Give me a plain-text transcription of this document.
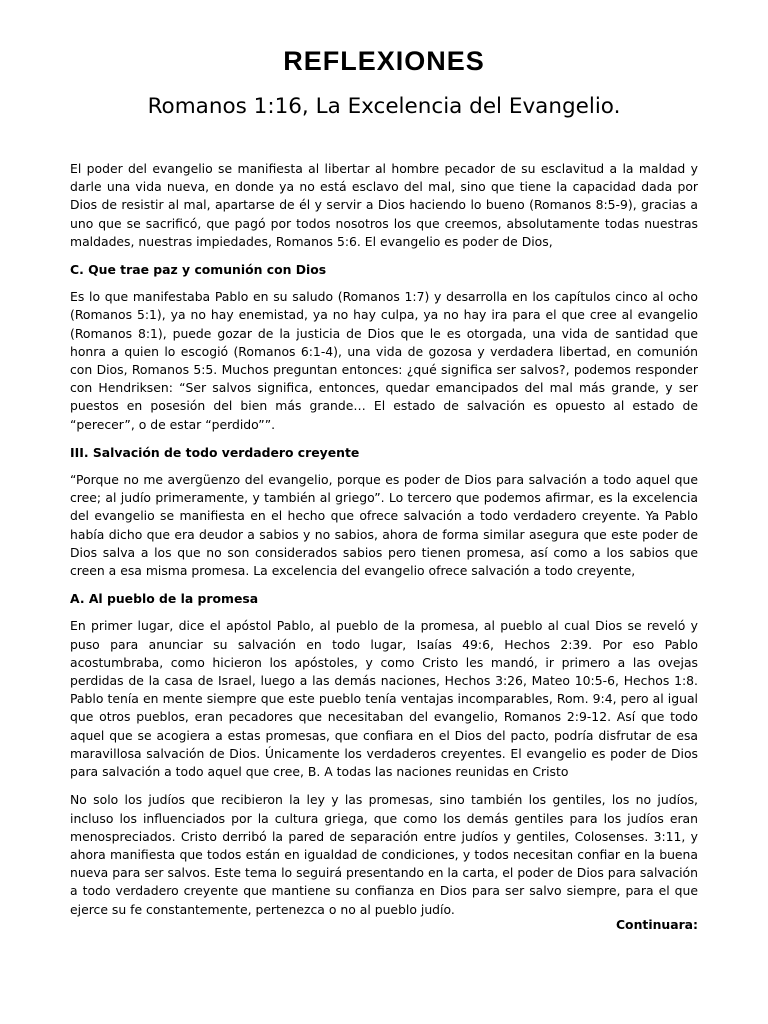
REFLEXIONES
Romanos 1:16, La Excelencia del Evangelio.

El poder del evangelio se manifiesta al libertar al hombre pecador de su esclavitud a la maldad y darle una vida nueva, en donde ya no está esclavo del mal, sino que tiene la capacidad dada por Dios de resistir al mal, apartarse de él y servir a Dios haciendo lo bueno (Romanos 8:5-9), gracias a uno que se sacrificó, que pagó por todos nosotros los que creemos, absolutamente todas nuestras maldades, nuestras impiedades, Romanos 5:6. El evangelio es poder de Dios,

C. Que trae paz y comunión con Dios

Es lo que manifestaba Pablo en su saludo (Romanos 1:7) y desarrolla en los capítulos cinco al ocho (Romanos 5:1), ya no hay enemistad, ya no hay culpa, ya no hay ira para el que cree al evangelio (Romanos 8:1), puede gozar de la justicia de Dios que le es otorgada, una vida de santidad que honra a quien lo escogió (Romanos 6:1-4), una vida de gozosa y verdadera libertad, en comunión con Dios, Romanos 5:5. Muchos preguntan entonces: ¿qué significa ser salvos?, podemos responder con Hendriksen: “Ser salvos significa, entonces, quedar emancipados del mal más grande, y ser puestos en posesión del bien más grande… El estado de salvación es opuesto al estado de “perecer”, o de estar “perdido””.

III. Salvación de todo verdadero creyente

“Porque no me avergüenzo del evangelio, porque es poder de Dios para salvación a todo aquel que cree; al judío primeramente, y también al griego”. Lo tercero que podemos afirmar, es la excelencia del evangelio se manifiesta en el hecho que ofrece salvación a todo verdadero creyente. Ya Pablo había dicho que era deudor a sabios y no sabios, ahora de forma similar asegura que este poder de Dios salva a los que no son considerados sabios pero tienen promesa, así como a los sabios que creen a esa misma promesa. La excelencia del evangelio ofrece salvación a todo creyente,

A. Al pueblo de la promesa

En primer lugar, dice el apóstol Pablo, al pueblo de la promesa, al pueblo al cual Dios se reveló y puso para anunciar su salvación en todo lugar, Isaías 49:6, Hechos 2:39. Por eso Pablo acostumbraba, como hicieron los apóstoles, y como Cristo les mandó, ir primero a las ovejas perdidas de la casa de Israel, luego a las demás naciones, Hechos 3:26, Mateo 10:5-6, Hechos 1:8. Pablo tenía en mente siempre que este pueblo tenía ventajas incomparables, Rom. 9:4, pero al igual que otros pueblos, eran pecadores que necesitaban del evangelio, Romanos 2:9-12. Así que todo aquel que se acogiera a estas promesas, que confiara en el Dios del pacto, podría disfrutar de esa maravillosa salvación de Dios. Únicamente los verdaderos creyentes. El evangelio es poder de Dios para salvación a todo aquel que cree, B. A todas las naciones reunidas en Cristo

No solo los judíos que recibieron la ley y las promesas, sino también los gentiles, los no judíos, incluso los influenciados por la cultura griega, que como los demás gentiles para los judíos eran menospreciados. Cristo derribó la pared de separación entre judíos y gentiles, Colosenses. 3:11, y ahora manifiesta que todos están en igualdad de condiciones, y todos necesitan confiar en la buena nueva para ser salvos. Este tema lo seguirá presentando en la carta, el poder de Dios para salvación a todo verdadero creyente que mantiene su confianza en Dios para ser salvo siempre, para el que ejerce su fe constantemente, pertenezca o no al pueblo judío.

Continuara:
